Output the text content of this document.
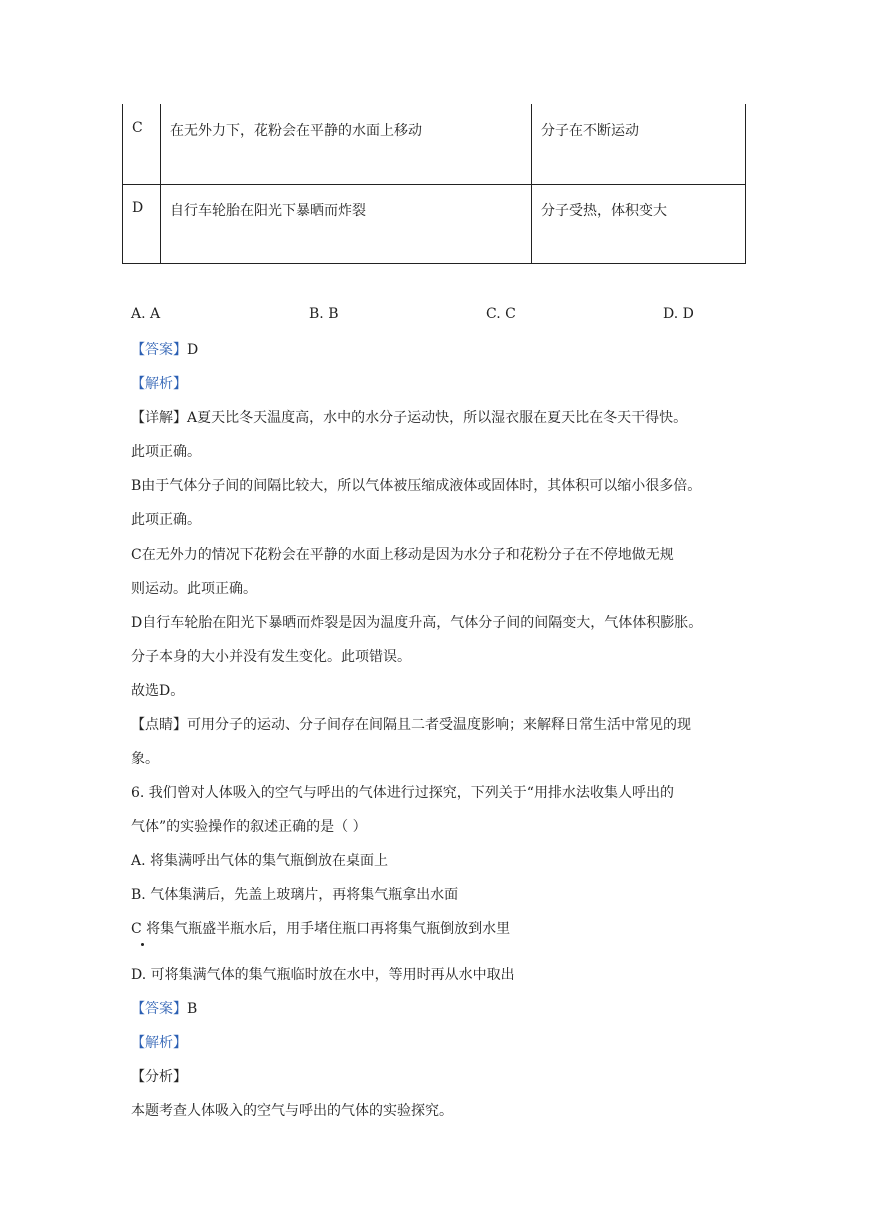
C 在无外力下，花粉会在平静的水面上移动	分子在不断运动
D 自行车轮胎在阳光下暴晒而炸裂	分子受热，体积变大
A. A	B. B	C. C	D. D
【答案】D
【解析】
【详解】A夏天比冬天温度高，水中的水分子运动快，所以湿衣服在夏天比在冬天干得快。
此项正确。
B由于气体分子间的间隔比较大，所以气体被压缩成液体或固体时，其体积可以缩小很多倍。
此项正确。
C在无外力的情况下花粉会在平静的水面上移动是因为水分子和花粉分子在不停地做无规
则运动。此项正确。
D自行车轮胎在阳光下暴晒而炸裂是因为温度升高，气体分子间的间隔变大，气体体积膨胀。
分子本身的大小并没有发生变化。此项错误。
故选D。
【点睛】可用分子的运动、分子间存在间隔且二者受温度影响；来解释日常生活中常见的现
象。
6. 我们曾对人体吸入的空气与呼出的气体进行过探究，下列关于“用排水法收集人呼出的
气体”的实验操作的叙述正确的是（ ）
A. 将集满呼出气体的集气瓶倒放在桌面上
B. 气体集满后，先盖上玻璃片，再将集气瓶拿出水面
C 将集气瓶盛半瓶水后，用手堵住瓶口再将集气瓶倒放到水里
D. 可将集满气体的集气瓶临时放在水中，等用时再从水中取出
【答案】B
【解析】
【分析】
本题考查人体吸入的空气与呼出的气体的实验探究。
